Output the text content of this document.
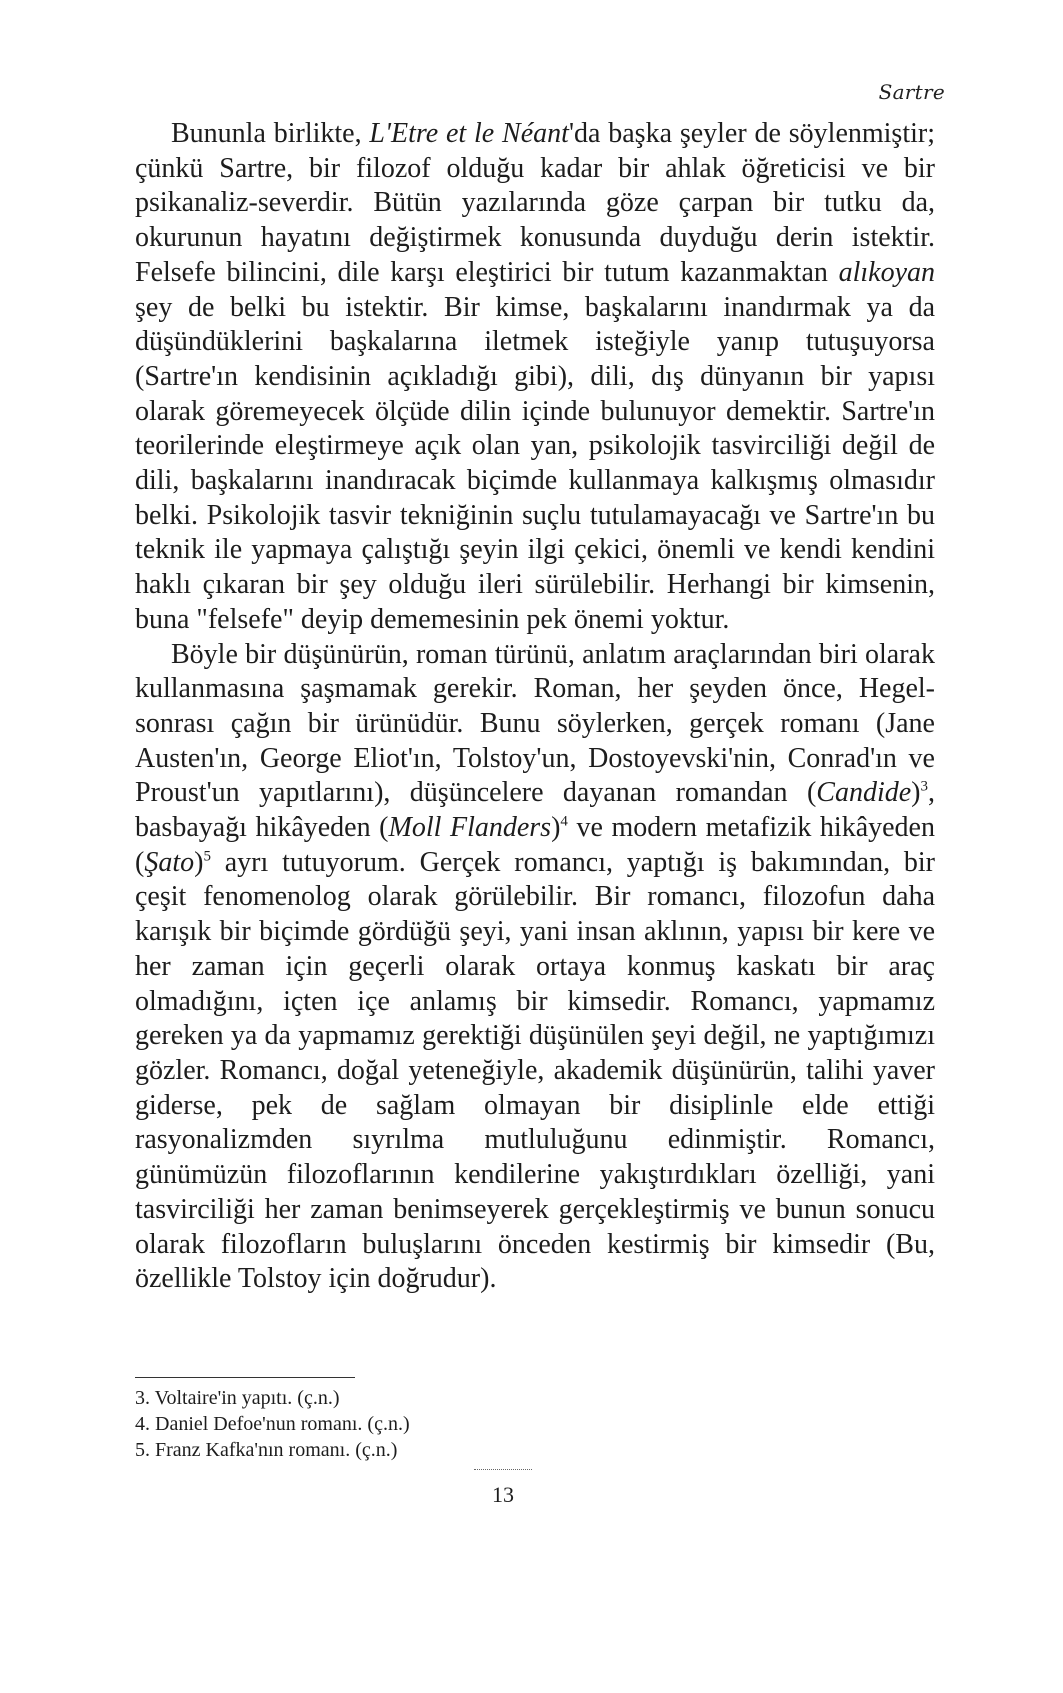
Sartre

Bununla birlikte, L'Etre et le Néant'da başka şeyler de söylenmiştir; çünkü Sartre, bir filozof olduğu kadar bir ahlak öğreticisi ve bir psikanaliz-severdir. Bütün yazılarında göze çarpan bir tutku da, okurunun hayatını değiştirmek konusunda duyduğu derin istektir. Felsefe bilincini, dile karşı eleştirici bir tutum kazanmaktan alıkoyan şey de belki bu istektir. Bir kimse, başkalarını inandırmak ya da düşündüklerini başkalarına iletmek isteğiyle yanıp tutuşuyorsa (Sartre'ın kendisinin açıkladığı gibi), dili, dış dünyanın bir yapısı olarak göremeyecek ölçüde dilin içinde bulunuyor demektir. Sartre'ın teorilerinde eleştirmeye açık olan yan, psikolojik tasvirciliği değil de dili, başkalarını inandıracak biçimde kullanmaya kalkışmış olmasıdır belki. Psikolojik tasvir tekniğinin suçlu tutulamayacağı ve Sartre'ın bu teknik ile yapmaya çalıştığı şeyin ilgi çekici, önemli ve kendi kendini haklı çıkaran bir şey olduğu ileri sürülebilir. Herhangi bir kimsenin, buna "felsefe" deyip dememesinin pek önemi yoktur.

Böyle bir düşünürün, roman türünü, anlatım araçlarından biri olarak kullanmasına şaşmamak gerekir. Roman, her şeyden önce, Hegel-sonrası çağın bir ürünüdür. Bunu söylerken, gerçek romanı (Jane Austen'ın, George Eliot'ın, Tolstoy'un, Dostoyevski'nin, Conrad'ın ve Proust'un yapıtlarını), düşüncelere dayanan romandan (Candide)$^3$, basbayağı hikâyeden (Moll Flanders)$^4$ ve modern metafizik hikâyeden (Şato)$^5$ ayrı tutuyorum. Gerçek romancı, yaptığı iş bakımından, bir çeşit fenomenolog olarak görülebilir. Bir romancı, filozofun daha karışık bir biçimde gördüğü şeyi, yani insan aklının, yapısı bir kere ve her zaman için geçerli olarak ortaya konmuş kaskatı bir araç olmadığını, içten içe anlamış bir kimsedir. Romancı, yapmamız gereken ya da yapmamız gerektiği düşünülen şeyi değil, ne yaptığımızı gözler. Romancı, doğal yeteneğiyle, akademik düşünürün, talihi yaver giderse, pek de sağlam olmayan bir disiplinle elde ettiği rasyonalizmden sıyrılma mutluluğunu edinmiştir. Romancı, günümüzün filozoflarının kendilerine yakıştırdıkları özelliği, yani tasvirciliği her zaman benimseyerek gerçekleştirmiş ve bunun sonucu olarak filozofların buluşlarını önceden kestirmiş bir kimsedir (Bu, özellikle Tolstoy için doğrudur).

3. Voltaire'in yapıtı. (ç.n.)

4. Daniel Defoe'nun romanı. (ç.n.)

5. Franz Kafka'nın romanı. (ç.n.)

13
